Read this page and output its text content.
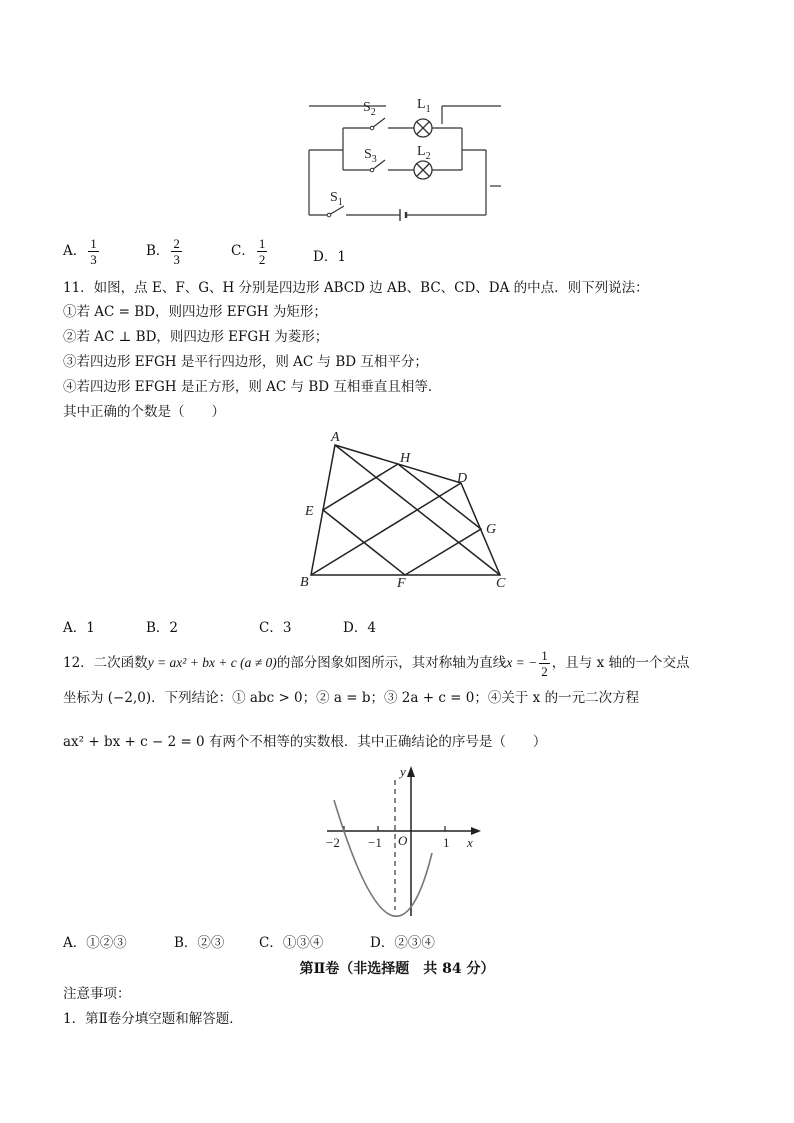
$S_2$
$L_1$
$S_3$
$L_2$
$S_1$
A． $\frac{1}{3}$	B． $\frac{2}{3}$	C． $\frac{1}{2}$	D．1
11．如图，点 E、F、G、H 分别是四边形 ABCD 边 AB、BC、CD、DA 的中点．则下列说法：
①若 AC = BD，则四边形 EFGH 为矩形；
②若 AC ⊥ BD，则四边形 EFGH 为菱形；
③若四边形 EFGH 是平行四边形，则 AC 与 BD 互相平分；
④若四边形 EFGH 是正方形，则 AC 与 BD 互相垂直且相等．
其中正确的个数是（　　）
A
H
D
E
G
B	F	C
A．1	B．2	C．3	D．4
12．二次函数y = ax² + bx + c (a ≠ 0)的部分图象如图所示，其对称轴为直线x = − $\frac{1}{2}$ ，且与 x 轴的一个交点
坐标为 (−2,0)．下列结论：① abc > 0；② a = b；③ 2a + c = 0；④关于 x 的一元二次方程
ax² + bx + c − 2 = 0 有两个不相等的实数根．其中正确结论的序号是（　　）
y
x
O
−2 −1	1
A．①②③	B．②③	C．①③④	D．②③④
第Ⅱ卷（非选择题　共 84 分）
注意事项：
1．第Ⅱ卷分填空题和解答题．
